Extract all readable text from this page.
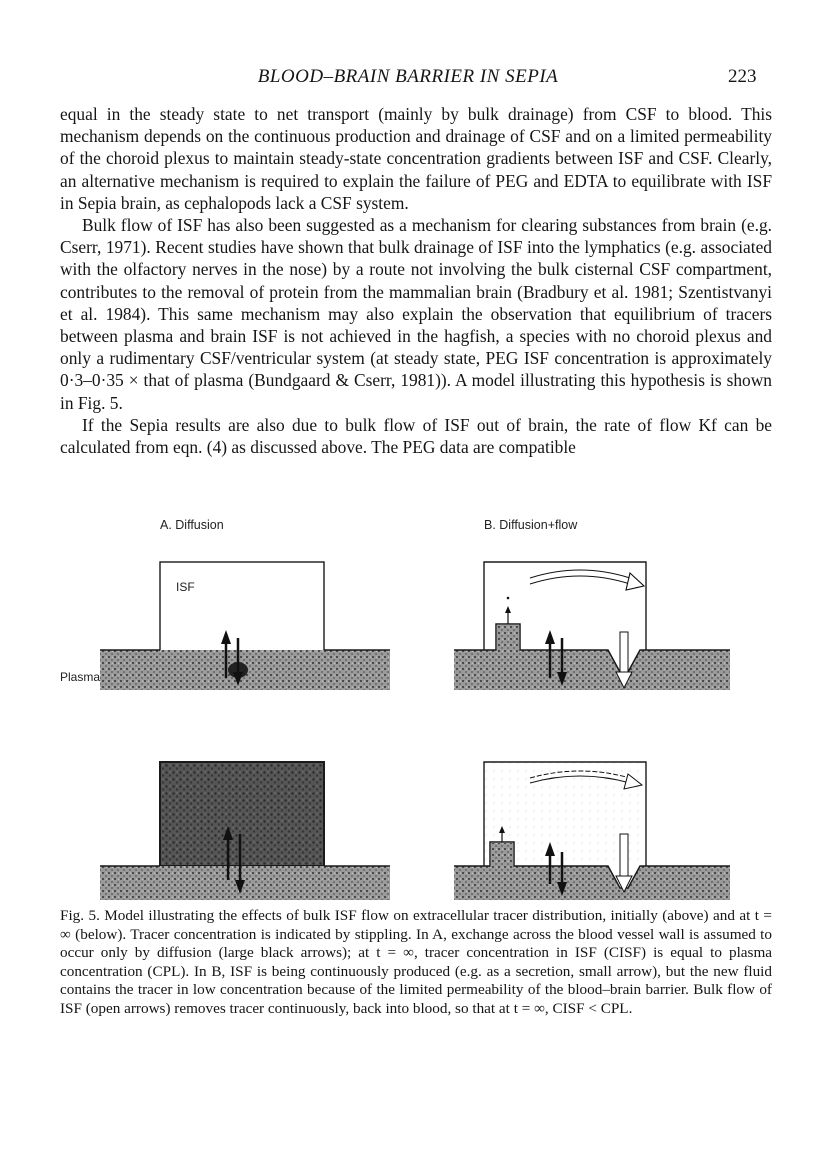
BLOOD–BRAIN BARRIER IN SEPIA	223

equal in the steady state to net transport (mainly by bulk drainage) from CSF to blood. This mechanism depends on the continuous production and drainage of CSF and on a limited permeability of the choroid plexus to maintain steady-state concentration gradients between ISF and CSF. Clearly, an alternative mechanism is required to explain the failure of PEG and EDTA to equilibrate with ISF in Sepia brain, as cephalopods lack a CSF system.

Bulk flow of ISF has also been suggested as a mechanism for clearing substances from brain (e.g. Cserr, 1971). Recent studies have shown that bulk drainage of ISF into the lymphatics (e.g. associated with the olfactory nerves in the nose) by a route not involving the bulk cisternal CSF compartment, contributes to the removal of protein from the mammalian brain (Bradbury et al. 1981; Szentistvanyi et al. 1984). This same mechanism may also explain the observation that equilibrium of tracers between plasma and brain ISF is not achieved in the hagfish, a species with no choroid plexus and only a rudimentary CSF/ventricular system (at steady state, PEG ISF concentration is approximately 0·3–0·35 × that of plasma (Bundgaard & Cserr, 1981)). A model illustrating this hypothesis is shown in Fig. 5.

If the Sepia results are also due to bulk flow of ISF out of brain, the rate of flow Kf can be calculated from eqn. (4) as discussed above. The PEG data are compatible

A. Diffusion	B. Diffusion+flow
ISF
Plasma

Fig. 5. Model illustrating the effects of bulk ISF flow on extracellular tracer distribution, initially (above) and at t = ∞ (below). Tracer concentration is indicated by stippling. In A, exchange across the blood vessel wall is assumed to occur only by diffusion (large black arrows); at t = ∞, tracer concentration in ISF (CISF) is equal to plasma concentration (CPL). In B, ISF is being continuously produced (e.g. as a secretion, small arrow), but the new fluid contains the tracer in low concentration because of the limited permeability of the blood–brain barrier. Bulk flow of ISF (open arrows) removes tracer continuously, back into blood, so that at t = ∞, CISF < CPL.
